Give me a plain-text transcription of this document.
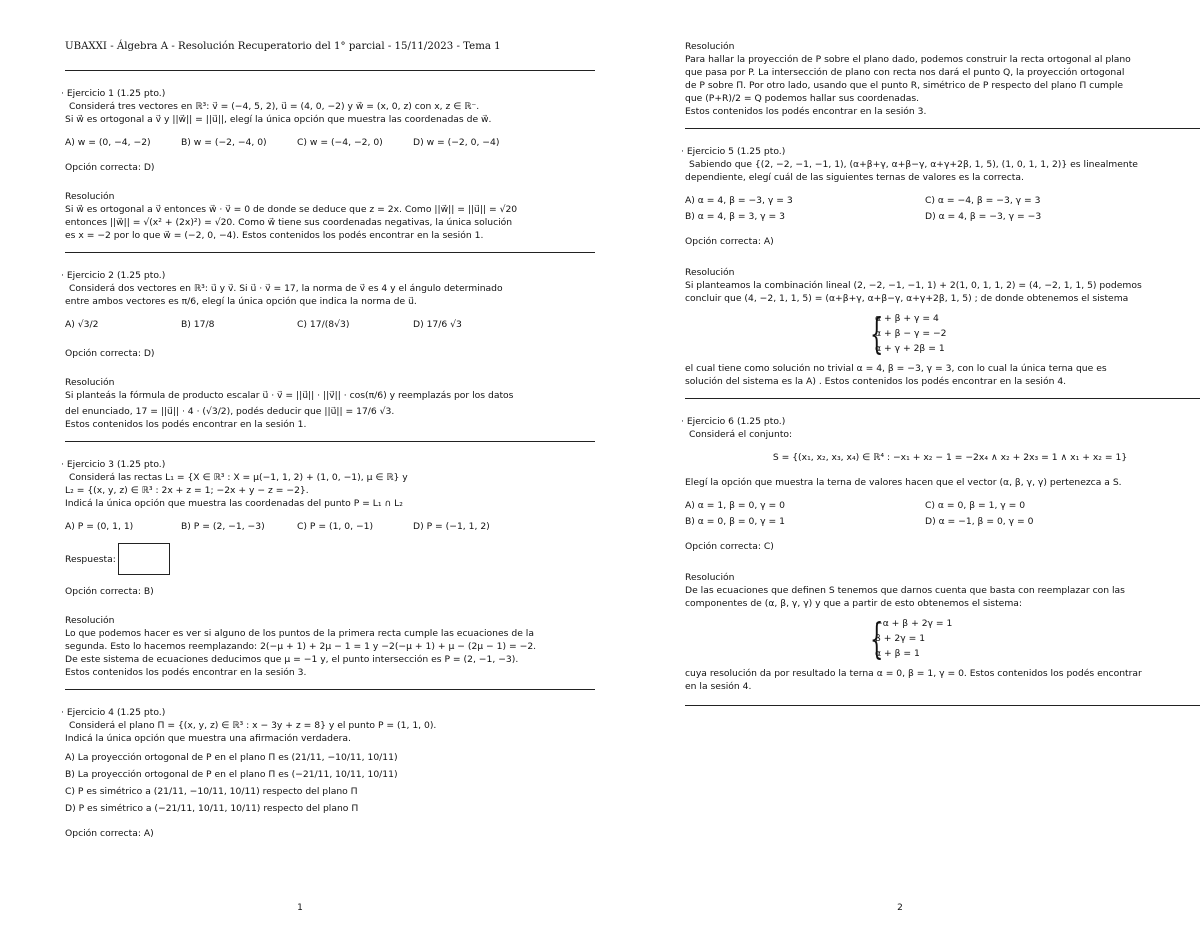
UBAXXI - Álgebra A - Resolución Recuperatorio del 1° parcial - 15/11/2023 - Tema 1
· Ejercicio 1 (1.25 pto.)
Considerá tres vectores en ℝ³: v⃗ = (−4, 5, 2), u⃗ = (4, 0, −2) y w⃗ = (x, 0, z) con x, z ∈ ℝ⁻.
Si w⃗ es ortogonal a v⃗ y ||w⃗|| = ||u⃗||, elegí la única opción que muestra las coordenadas de w⃗.
A) w = (0, −4, −2)	B) w = (−2, −4, 0)	C) w = (−4, −2, 0)	D) w = (−2, 0, −4)
Opción correcta: D)
Resolución
Si w⃗ es ortogonal a v⃗ entonces w⃗ · v⃗ = 0 de donde se deduce que z = 2x. Como ||w⃗|| = ||u⃗|| = √20
entonces ||w⃗|| = √(x² + (2x)²) = √20. Como w⃗ tiene sus coordenadas negativas, la única solución
es x = −2 por lo que w⃗ = (−2, 0, −4). Estos contenidos los podés encontrar en la sesión 1.
· Ejercicio 2 (1.25 pto.)
Considerá dos vectores en ℝ³: u⃗ y v⃗. Si u⃗ · v⃗ = 17, la norma de v⃗ es 4 y el ángulo determinado
entre ambos vectores es π/6, elegí la única opción que indica la norma de u⃗.
A) √3/2	B) 17/8	C) 17/(8√3)	D) 17/6 √3
Opción correcta: D)
Resolución
Si planteás la fórmula de producto escalar u⃗ · v⃗ = ||u⃗|| · ||v⃗|| · cos(π/6) y reemplazás por los datos
del enunciado, 17 = ||u⃗|| · 4 · (√3/2), podés deducir que ||u⃗|| = 17/6 √3.
Estos contenidos los podés encontrar en la sesión 1.
· Ejercicio 3 (1.25 pto.)
Considerá las rectas L₁ = {X ∈ ℝ³ : X = μ(−1, 1, 2) + (1, 0, −1), μ ∈ ℝ} y
L₂ = {(x, y, z) ∈ ℝ³ : 2x + z = 1; −2x + y − z = −2}.
Indicá la única opción que muestra las coordenadas del punto P = L₁ ∩ L₂
A) P = (0, 1, 1)	B) P = (2, −1, −3)	C) P = (1, 0, −1)	D) P = (−1, 1, 2)
Respuesta:
Opción correcta: B)
Resolución
Lo que podemos hacer es ver si alguno de los puntos de la primera recta cumple las ecuaciones de la
segunda. Esto lo hacemos reemplazando: 2(−μ + 1) + 2μ − 1 = 1 y −2(−μ + 1) + μ − (2μ − 1) = −2.
De este sistema de ecuaciones deducimos que μ = −1 y, el punto intersección es P = (2, −1, −3).
Estos contenidos los podés encontrar en la sesión 3.
· Ejercicio 4 (1.25 pto.)
Considerá el plano Π = {(x, y, z) ∈ ℝ³ : x − 3y + z = 8} y el punto P = (1, 1, 0).
Indicá la única opción que muestra una afirmación verdadera.
A) La proyección ortogonal de P en el plano Π es (21/11, −10/11, 10/11)
B) La proyección ortogonal de P en el plano Π es (−21/11, 10/11, 10/11)
C) P es simétrico a (21/11, −10/11, 10/11) respecto del plano Π
D) P es simétrico a (−21/11, 10/11, 10/11) respecto del plano Π
Opción correcta: A)
1
Resolución
Para hallar la proyección de P sobre el plano dado, podemos construir la recta ortogonal al plano
que pasa por P. La intersección de plano con recta nos dará el punto Q, la proyección ortogonal
de P sobre Π. Por otro lado, usando que el punto R, simétrico de P respecto del plano Π cumple
que (P+R)/2 = Q podemos hallar sus coordenadas.
Estos contenidos los podés encontrar en la sesión 3.
· Ejercicio 5 (1.25 pto.)
Sabiendo que {(2, −2, −1, −1, 1), (α+β+γ, α+β−γ, α+γ+2β, 1, 5), (1, 0, 1, 1, 2)} es linealmente
dependiente, elegí cuál de las siguientes ternas de valores es la correcta.
A) α = 4, β = −3, γ = 3	C) α = −4, β = −3, γ = 3
B) α = 4, β = 3, γ = 3	D) α = 4, β = −3, γ = −3
Opción correcta: A)
Resolución
Si planteamos la combinación lineal (2, −2, −1, −1, 1) + 2(1, 0, 1, 1, 2) = (4, −2, 1, 1, 5) podemos
concluir que (4, −2, 1, 1, 5) = (α+β+γ, α+β−γ, α+γ+2β, 1, 5) ; de donde obtenemos el sistema
{
α + β + γ = 4
α + β − γ = −2
α + γ + 2β = 1
el cual tiene como solución no trivial α = 4, β = −3, γ = 3, con lo cual la única terna que es
solución del sistema es la A) . Estos contenidos los podés encontrar en la sesión 4.
· Ejercicio 6 (1.25 pto.)
Considerá el conjunto:
S = {(x₁, x₂, x₃, x₄) ∈ ℝ⁴ : −x₁ + x₂ − 1 = −2x₄ ∧ x₂ + 2x₃ = 1 ∧ x₁ + x₂ = 1}
Elegí la opción que muestra la terna de valores hacen que el vector (α, β, γ, γ) pertenezca a S.
A) α = 1, β = 0, γ = 0	C) α = 0, β = 1, γ = 0
B) α = 0, β = 0, γ = 1	D) α = −1, β = 0, γ = 0
Opción correcta: C)
Resolución
De las ecuaciones que definen S tenemos que darnos cuenta que basta con reemplazar con las
componentes de (α, β, γ, γ) y que a partir de esto obtenemos el sistema:
{
−α + β + 2γ = 1
β + 2γ = 1
α + β = 1
cuya resolución da por resultado la terna α = 0, β = 1, γ = 0. Estos contenidos los podés encontrar
en la sesión 4.
2
